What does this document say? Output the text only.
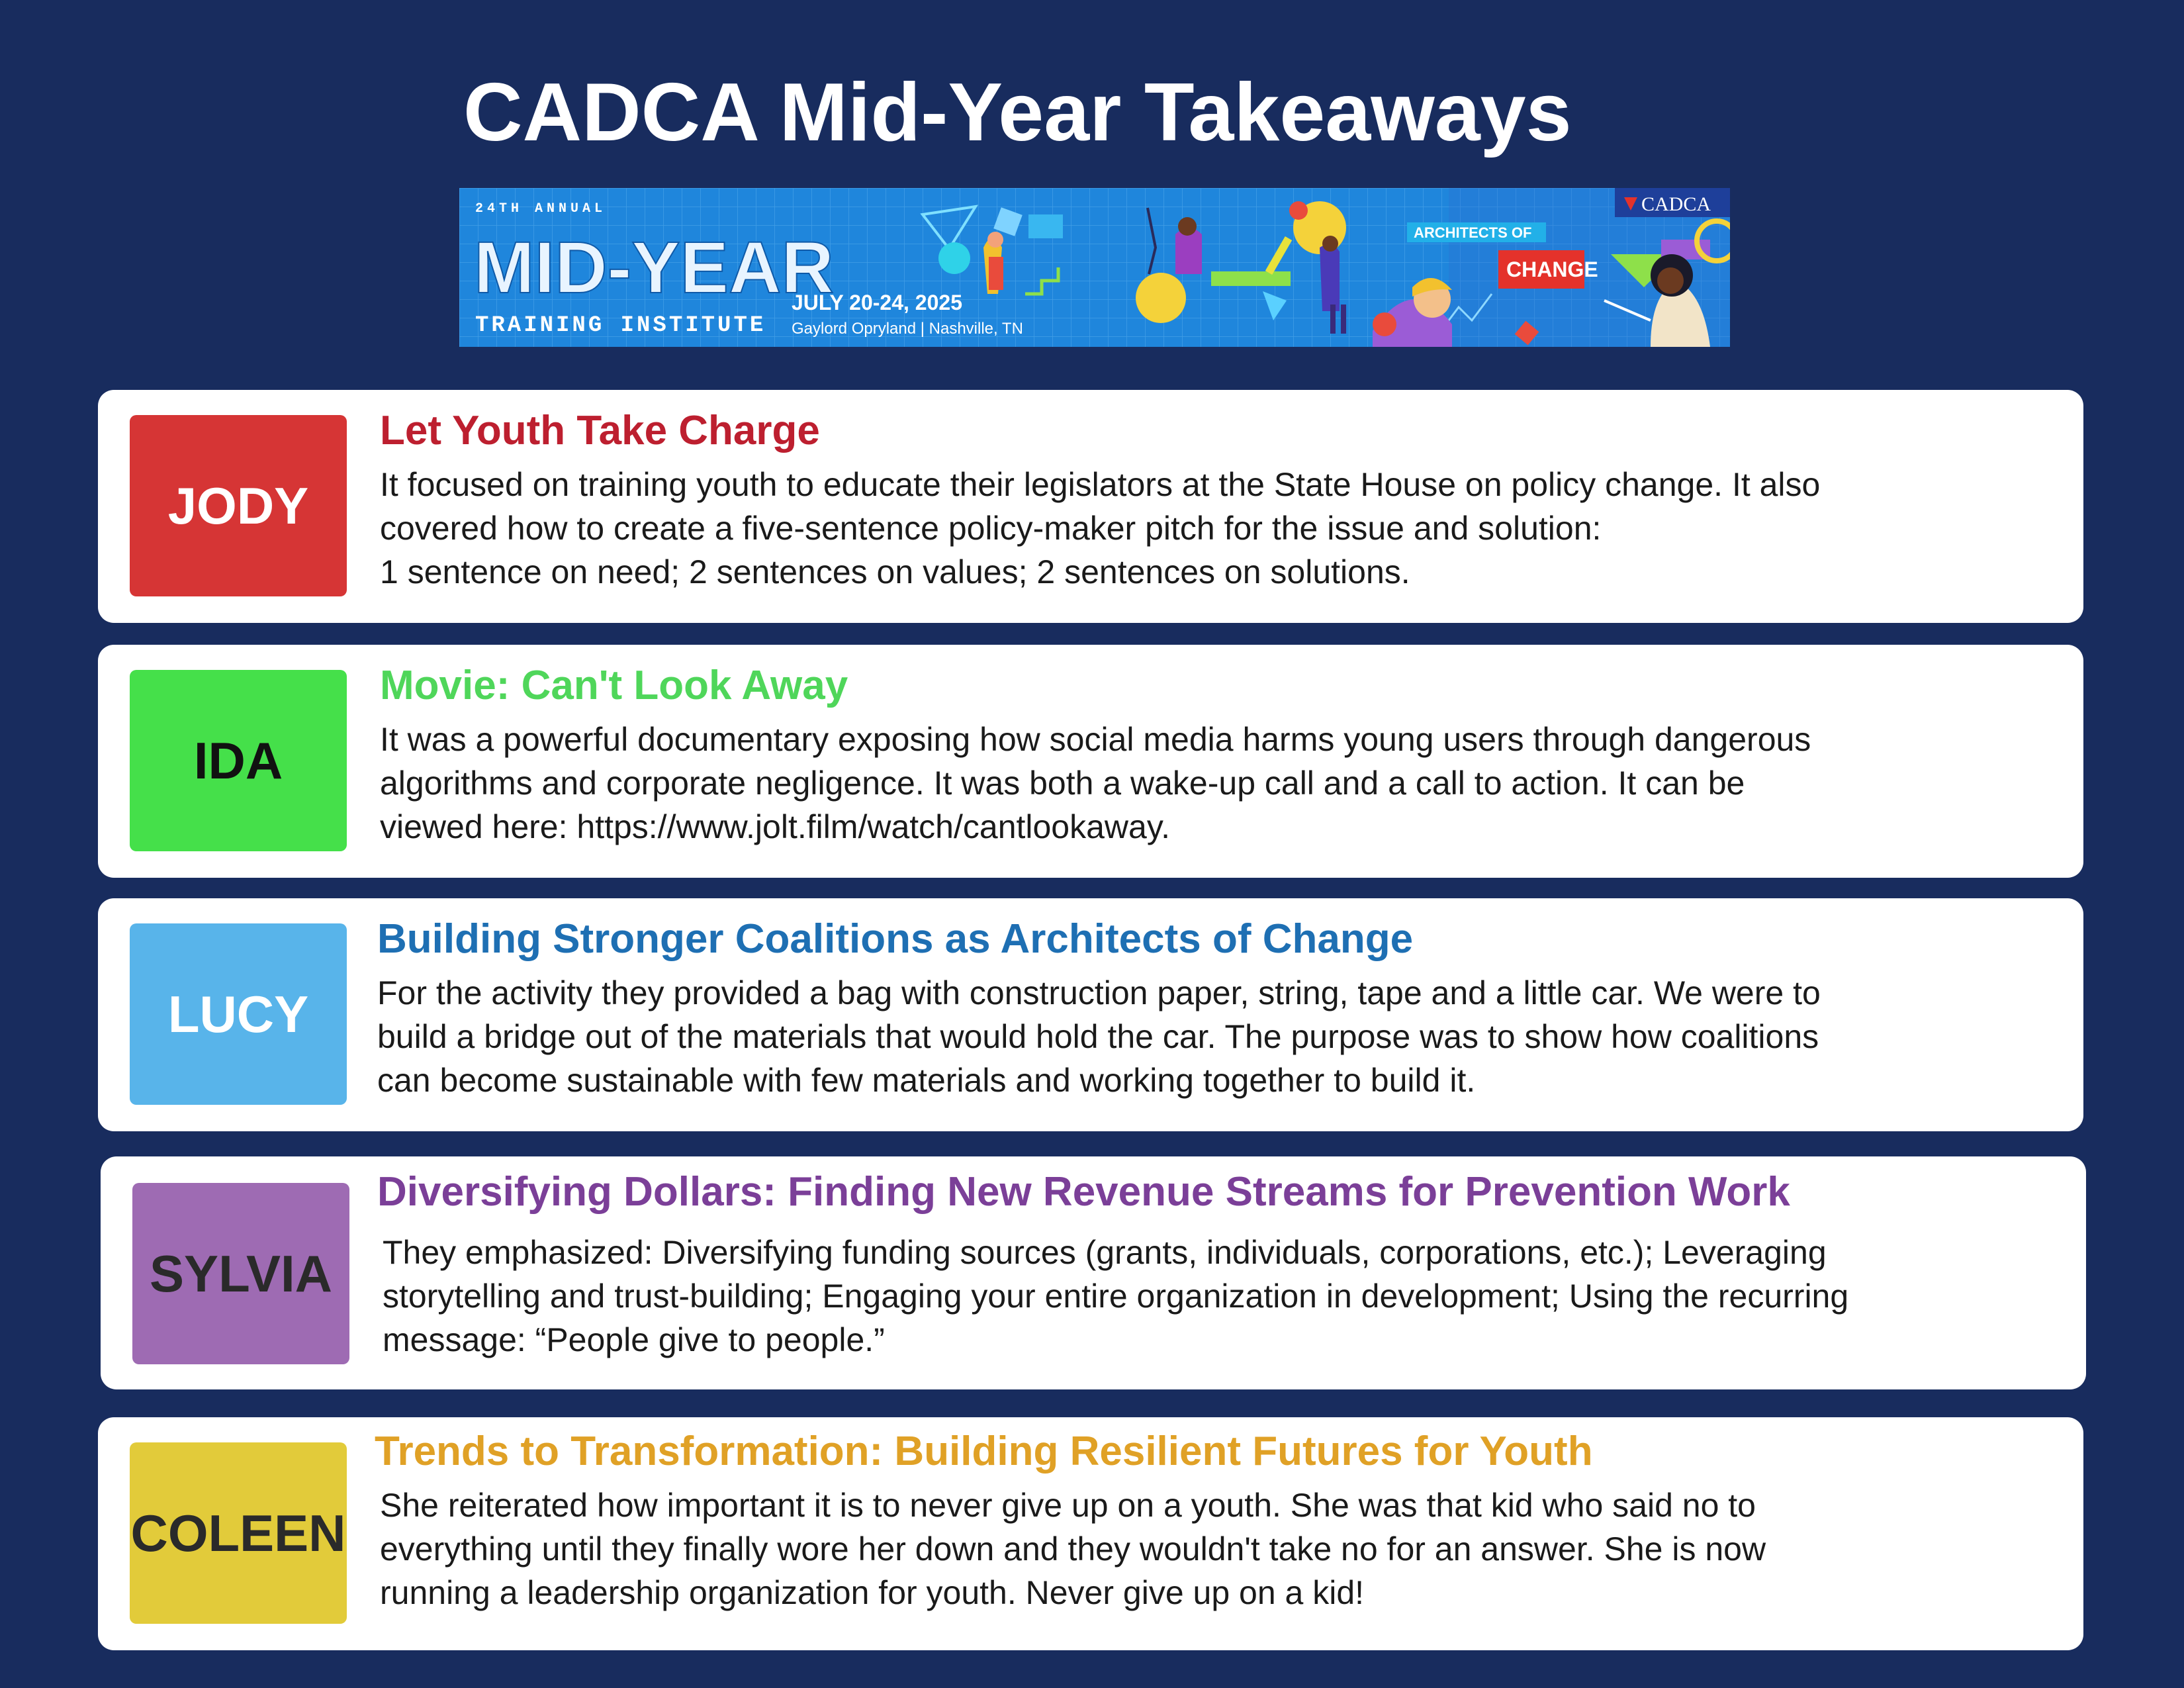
CADCA Mid-Year Takeaways
24TH ANNUAL
MID-YEAR
TRAINING INSTITUTE
JULY 20-24, 2025
Gaylord Opryland | Nashville, TN
ARCHITECTS OF
CHANGE
CADCA
JODY
Let Youth Take Charge

It focused on training youth to educate their legislators at the State House on policy change. It also
covered how to create a five-sentence policy-maker pitch for the issue and solution:
1 sentence on need; 2 sentences on values; 2 sentences on solutions.

IDA
Movie: Can't Look Away

It was a powerful documentary exposing how social media harms young users through dangerous
algorithms and corporate negligence. It was both a wake-up call and a call to action. It can be
viewed here: https://www.jolt.film/watch/cantlookaway.

LUCY
Building Stronger Coalitions as Architects of Change

For the activity they provided a bag with construction paper, string, tape and a little car. We were to
build a bridge out of the materials that would hold the car. The purpose was to show how coalitions
can become sustainable with few materials and working together to build it.

SYLVIA
Diversifying Dollars: Finding New Revenue Streams for Prevention Work

They emphasized: Diversifying funding sources (grants, individuals, corporations, etc.); Leveraging
storytelling and trust-building; Engaging your entire organization in development; Using the recurring
message: “People give to people.”

COLEEN
Trends to Transformation: Building Resilient Futures for Youth

She reiterated how important it is to never give up on a youth. She was that kid who said no to
everything until they finally wore her down and they wouldn't take no for an answer. She is now
running a leadership organization for youth. Never give up on a kid!
